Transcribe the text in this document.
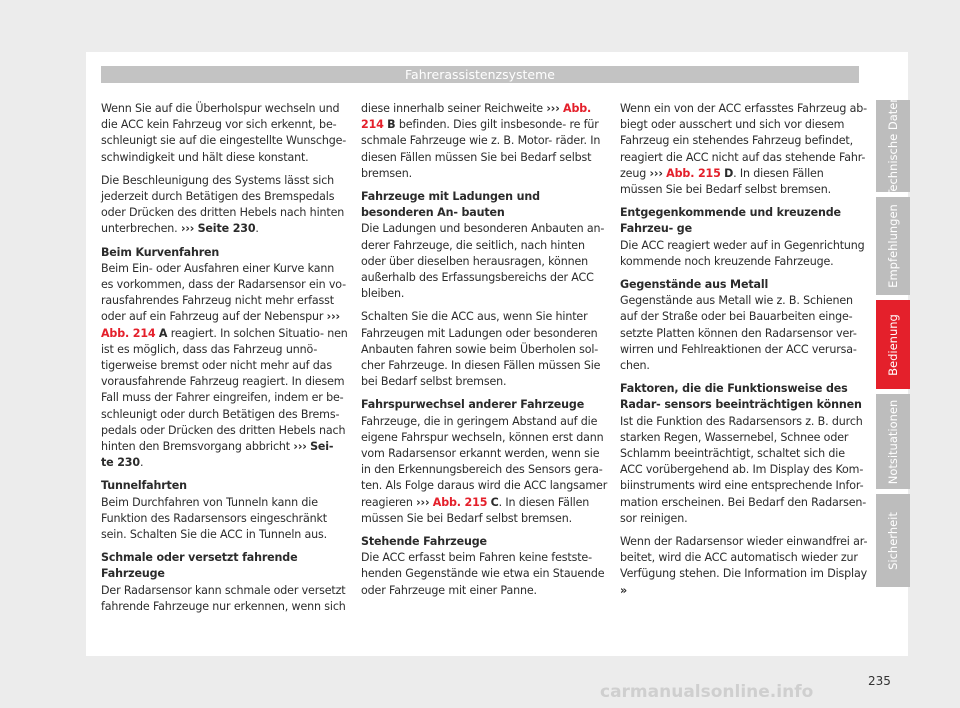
Fahrerassistenzsysteme

Wenn Sie auf die Überholspur wechseln und die ACC kein Fahrzeug vor sich erkennt, be- schleunigt sie auf die eingestellte Wunschge- schwindigkeit und hält diese konstant.

Die Beschleunigung des Systems lässt sich jederzeit durch Betätigen des Bremspedals oder Drücken des dritten Hebels nach hinten unterbrechen. ››› Seite 230.

Beim Kurvenfahren

Beim Ein- oder Ausfahren einer Kurve kann es vorkommen, dass der Radarsensor ein vo- rausfahrendes Fahrzeug nicht mehr erfasst oder auf ein Fahrzeug auf der Nebenspur ››› Abb. 214 A reagiert. In solchen Situatio- nen ist es möglich, dass das Fahrzeug unnö- tigerweise bremst oder nicht mehr auf das vorausfahrende Fahrzeug reagiert. In diesem Fall muss der Fahrer eingreifen, indem er be- schleunigt oder durch Betätigen des Brems- pedals oder Drücken des dritten Hebels nach hinten den Bremsvorgang abbricht ››› Sei- te 230.

Tunnelfahrten

Beim Durchfahren von Tunneln kann die Funktion des Radarsensors eingeschränkt sein. Schalten Sie die ACC in Tunneln aus.

Schmale oder versetzt fahrende Fahrzeuge

Der Radarsensor kann schmale oder versetzt fahrende Fahrzeuge nur erkennen, wenn sich

diese innerhalb seiner Reichweite ››› Abb. 214 B befinden. Dies gilt insbesonde- re für schmale Fahrzeuge wie z. B. Motor- räder. In diesen Fällen müssen Sie bei Bedarf selbst bremsen.

Fahrzeuge mit Ladungen und besonderen An- bauten

Die Ladungen und besonderen Anbauten an- derer Fahrzeuge, die seitlich, nach hinten oder über dieselben herausragen, können außerhalb des Erfassungsbereichs der ACC bleiben.

Schalten Sie die ACC aus, wenn Sie hinter Fahrzeugen mit Ladungen oder besonderen Anbauten fahren sowie beim Überholen sol- cher Fahrzeuge. In diesen Fällen müssen Sie bei Bedarf selbst bremsen.

Fahrspurwechsel anderer Fahrzeuge

Fahrzeuge, die in geringem Abstand auf die eigene Fahrspur wechseln, können erst dann vom Radarsensor erkannt werden, wenn sie in den Erkennungsbereich des Sensors gera- ten. Als Folge daraus wird die ACC langsamer reagieren ››› Abb. 215 C. In diesen Fällen müssen Sie bei Bedarf selbst bremsen.

Stehende Fahrzeuge

Die ACC erfasst beim Fahren keine festste- henden Gegenstände wie etwa ein Stauende oder Fahrzeuge mit einer Panne.

Wenn ein von der ACC erfasstes Fahrzeug ab- biegt oder ausschert und sich vor diesem Fahrzeug ein stehendes Fahrzeug befindet, reagiert die ACC nicht auf das stehende Fahr- zeug ››› Abb. 215 D. In diesen Fällen müssen Sie bei Bedarf selbst bremsen.

Entgegenkommende und kreuzende Fahrzeu- ge

Die ACC reagiert weder auf in Gegenrichtung kommende noch kreuzende Fahrzeuge.

Gegenstände aus Metall

Gegenstände aus Metall wie z. B. Schienen auf der Straße oder bei Bauarbeiten einge- setzte Platten können den Radarsensor ver- wirren und Fehlreaktionen der ACC verursa- chen.

Faktoren, die die Funktionsweise des Radar- sensors beeinträchtigen können

Ist die Funktion des Radarsensors z. B. durch starken Regen, Wassernebel, Schnee oder Schlamm beeinträchtigt, schaltet sich die ACC vorübergehend ab. Im Display des Kom- biinstruments wird eine entsprechende Infor- mation erscheinen. Bei Bedarf den Radarsen- sor reinigen.

Wenn der Radarsensor wieder einwandfrei ar- beitet, wird die ACC automatisch wieder zur Verfügung stehen. Die Information im Display »

Technische Daten
Empfehlungen
Bedienung
Notsituationen
Sicherheit
235
carmanualsonline.info
